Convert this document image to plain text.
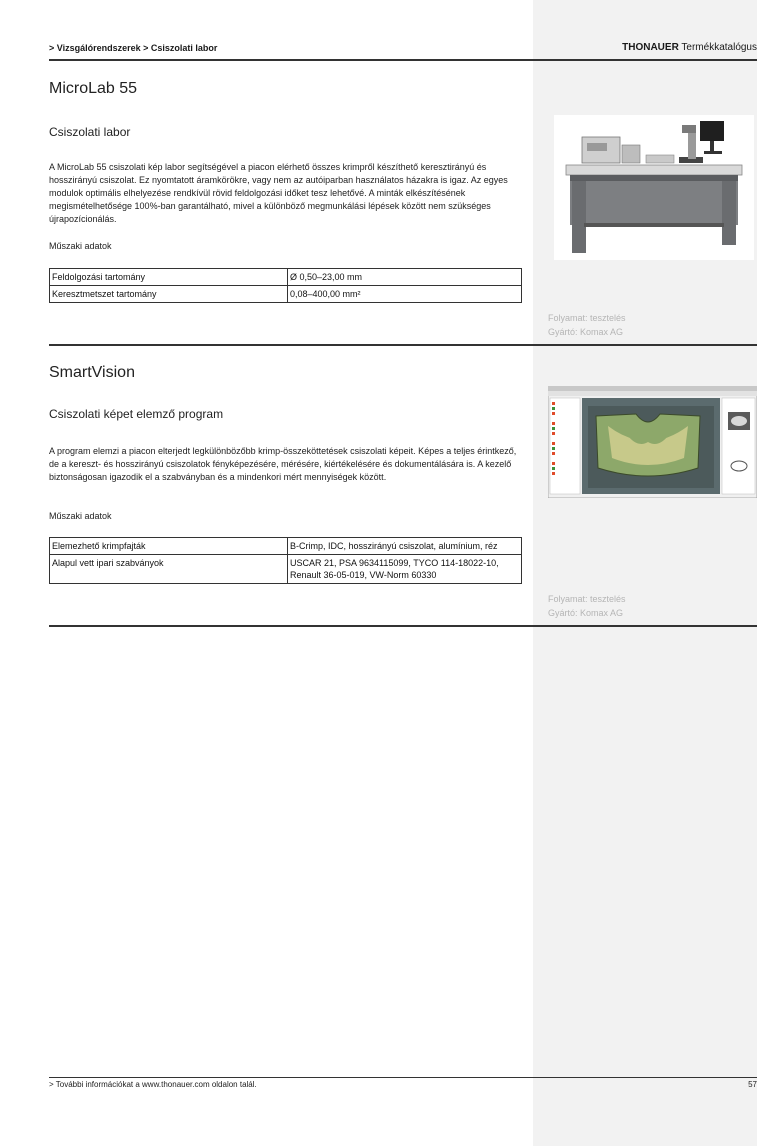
> Vizsgálórendszerek > Csiszolati labor	THONAUER Termékkatalógus
MicroLab 55
Csiszolati labor
A MicroLab 55 csiszolati kép labor segítségével a piacon elérhető összes krimpről készíthető keresztirányú és hosszirányú csiszolat. Ez nyomtatott áramkörökre, vagy nem az autóiparban használatos házakra is igaz. Az egyes modulok optimális elhelyezése rendkívül rövid feldolgozási időket tesz lehetővé. A minták elkészítésének megismételhetősége 100%-ban garantálható, mivel a különböző megmunkálási lépések között nem szükséges újrapozícionálás.
Műszaki adatok
Feldolgozási tartomány	Ø 0,50–23,00 mm
Keresztmetszet tartomány	0,08–400,00 mm²
Folyamat: tesztelés
Gyártó: Komax AG
SmartVision
Csiszolati képet elemző program
A program elemzi a piacon elterjedt legkülönbözőbb krimp-összeköttetések csiszolati képeit. Képes a teljes érintkező, de a kereszt- és hosszirányú csiszolatok fényképezésére, mérésére, kiértékelésére és dokumentálására is. A kezelő biztonságosan igazodik el a szabványban és a mindenkori mért mennyiségek között.
Műszaki adatok
Elemezhető krimpfajták	B-Crimp, IDC, hosszirányú csiszolat, alumínium, réz
Alapul vett ipari szabványok	USCAR 21, PSA 9634115099, TYCO 114-18022-10, Renault 36-05-019, VW-Norm 60330
Folyamat: tesztelés
Gyártó: Komax AG
> További információkat a www.thonauer.com oldalon talál.	57
